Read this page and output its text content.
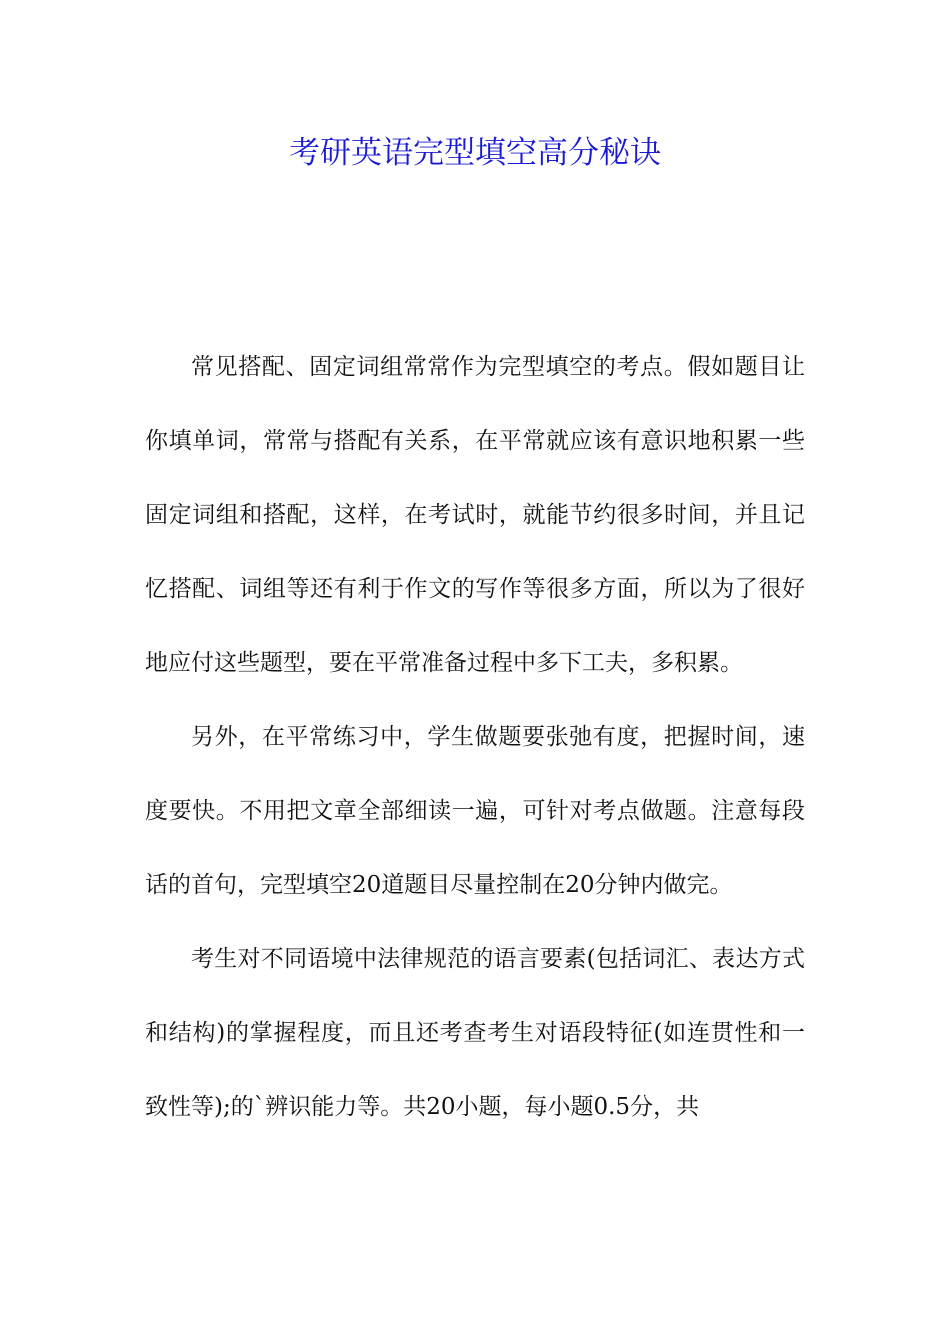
考研英语完型填空高分秘诀

常见搭配、固定词组常常作为完型填空的考点。假如题目让你填单词，常常与搭配有关系，在平常就应该有意识地积累一些固定词组和搭配，这样，在考试时，就能节约很多时间，并且记忆搭配、词组等还有利于作文的写作等很多方面，所以为了很好地应付这些题型，要在平常准备过程中多下工夫，多积累。

另外，在平常练习中，学生做题要张弛有度，把握时间，速度要快。不用把文章全部细读一遍，可针对考点做题。注意每段话的首句，完型填空20道题目尽量控制在20分钟内做完。

考生对不同语境中法律规范的语言要素(包括词汇、表达方式和结构)的掌握程度，而且还考查考生对语段特征(如连贯性和一致性等);的`辨识能力等。共20小题，每小题0.5分，共
